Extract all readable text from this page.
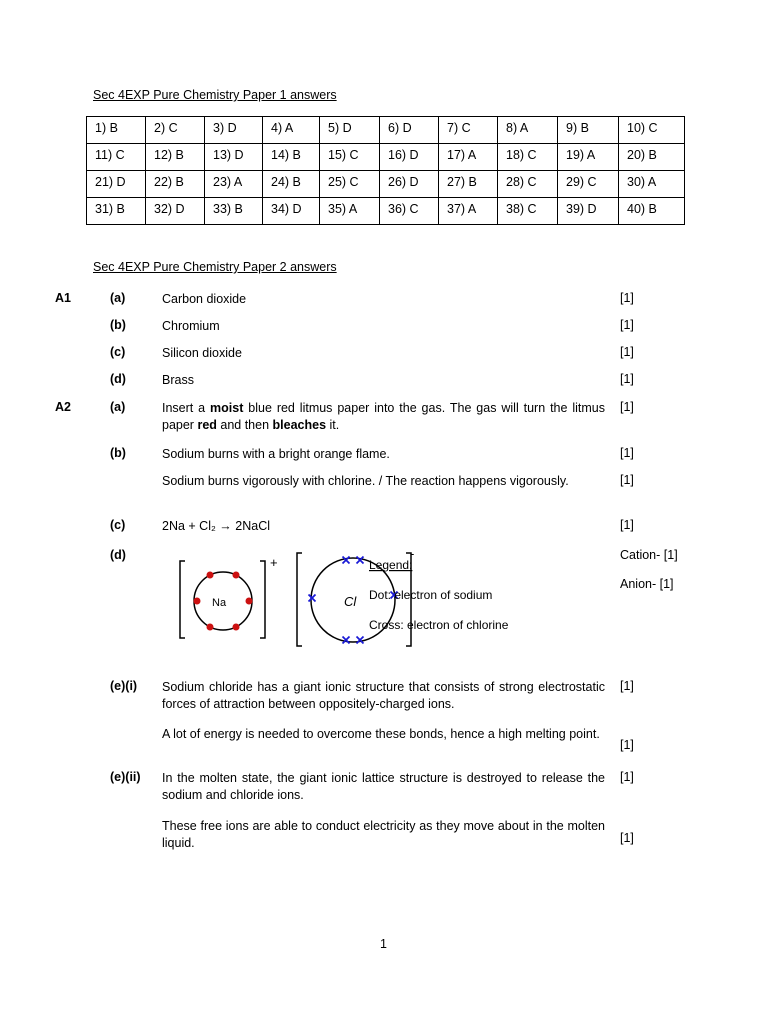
Sec 4EXP Pure Chemistry Paper 1 answers
1) B	2) C	3) D	4) A	5) D	6) D	7) C	8) A	9) B	10) C
11) C	12) B	13) D	14) B	15) C	16) D	17) A	18) C	19) A	20) B
21) D	22) B	23) A	24) B	25) C	26) D	27) B	28) C	29) C	30) A
31) B	32) D	33) B	34) D	35) A	36) C	37) A	38) C	39) D	40) B
Sec 4EXP Pure Chemistry Paper 2 answers
A1	(a)	Carbon dioxide	[1]
(b)	Chromium	[1]
(c)	Silicon dioxide	[1]
(d)	Brass	[1]
A2	(a)	Insert a moist blue red litmus paper into the gas. The gas will turn the litmus paper red and then bleaches it.
[1]
(b)	Sodium burns with a bright orange flame.	[1]
Sodium burns vigorously with chlorine. / The reaction happens vigorously.	[1]
(c)	2Na + Cl₂ → 2NaCl	[1]
(d)	Cation- [1]
Anion- [1]
+
Na
-
Cl
Legend:
Dot: electron of sodium
Cross: electron of chlorine
(e)(i) Sodium chloride has a giant ionic structure that consists of strong electrostatic forces of attraction between oppositely-charged ions.
[1]
A lot of energy is needed to overcome these bonds, hence a high melting point.
[1]
(e)(ii) In the molten state, the giant ionic lattice structure is destroyed to release the sodium and chloride ions.
[1]
These free ions are able to conduct electricity as they move about in the molten liquid.	[1]
1
